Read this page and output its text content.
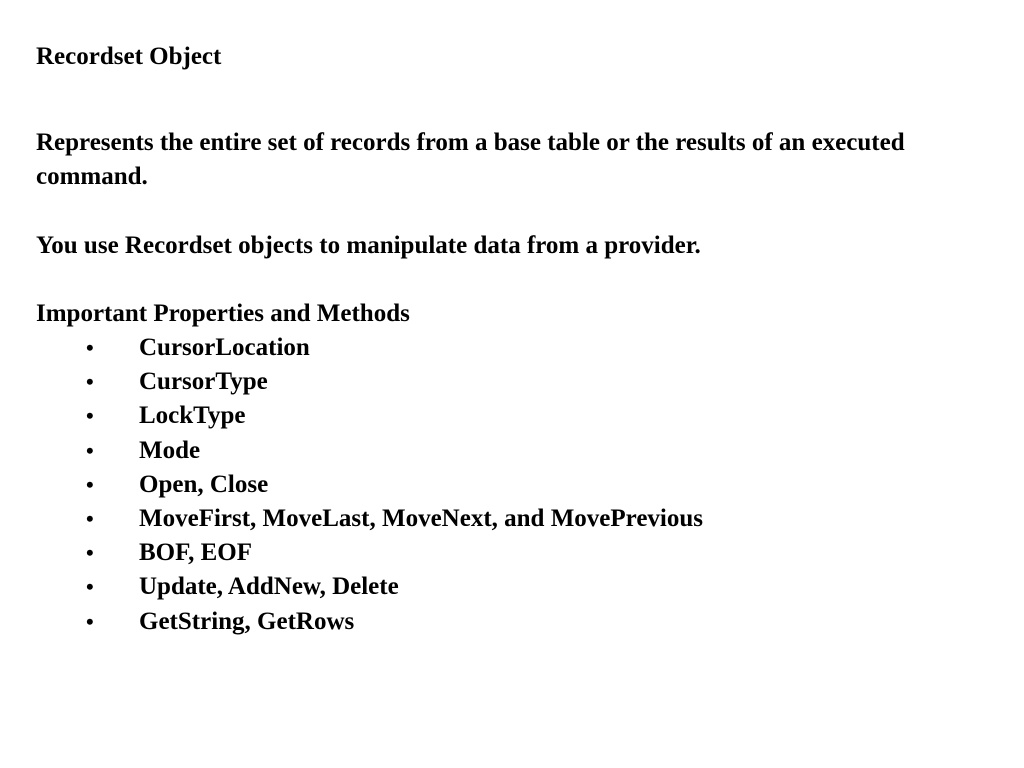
Recordset Object
Represents the entire set of records from a base table or the results of an executed command.
You use Recordset objects to manipulate data from a provider.
Important Properties and Methods
• CursorLocation
• CursorType
• LockType
• Mode
• Open, Close
• MoveFirst, MoveLast, MoveNext, and MovePrevious
• BOF, EOF
• Update, AddNew, Delete
• GetString, GetRows
